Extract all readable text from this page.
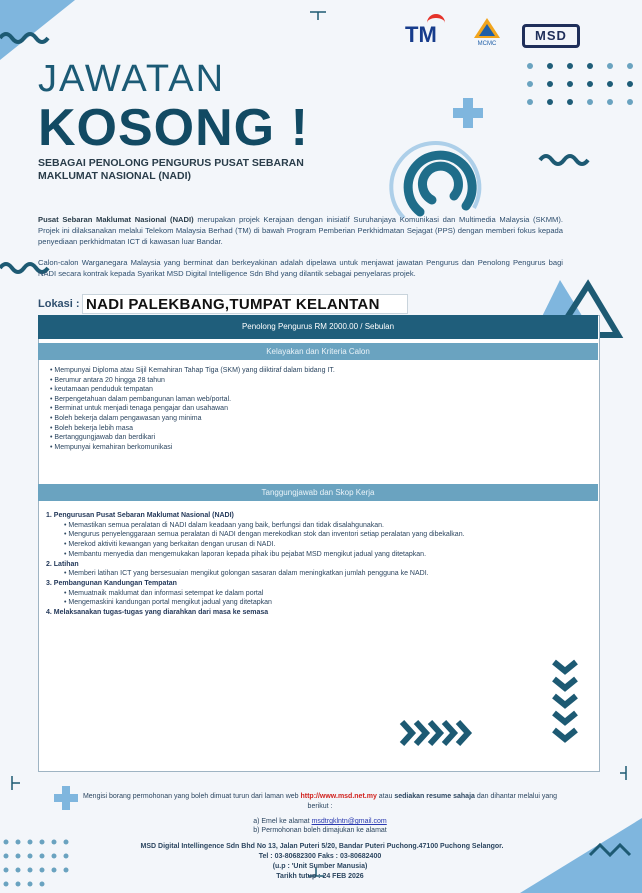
TM	MCMC
MSD
JAWATAN
KOSONG !
SEBAGAI PENOLONG PENGURUS PUSAT SEBARAN MAKLUMAT NASIONAL (NADI)
Pusat Sebaran Maklumat Nasional (NADI) merupakan projek Kerajaan dengan inisiatif Suruhanjaya Komunikasi dan Multimedia Malaysia (SKMM). Projek ini dilaksanakan melalui Telekom Malaysia Berhad (TM) di bawah Program Pemberian Perkhidmatan Sejagat (PPS) dengan memberi fokus kepada penyediaan perkhidmatan ICT di kawasan luar Bandar.
Calon-calon Warganegara Malaysia yang berminat dan berkeyakinan adalah dipelawa untuk menjawat jawatan Pengurus dan Penolong Pengurus bagi NADI secara kontrak kepada Syarikat MSD Digital Intelligence Sdn Bhd yang dilantik sebagai penyelaras projek.
Lokasi : NADI PALEKBANG,TUMPAT KELANTAN
Penolong Pengurus RM 2000.00 / Sebulan
Kelayakan dan Kriteria Calon
• Mempunyai Diploma atau Sijil Kemahiran Tahap Tiga (SKM) yang diiktiraf dalam bidang IT.
• Berumur antara 20 hingga 28 tahun
• keutamaan penduduk tempatan
• Berpengetahuan dalam pembangunan laman web/portal.
• Berminat untuk menjadi tenaga pengajar dan usahawan
• Boleh bekerja dalam pengawasan yang minima
• Boleh bekerja lebih masa
• Bertanggungjawab dan berdikari
• Mempunyai kemahiran berkomunikasi
Tanggungjawab dan Skop Kerja
1. Pengurusan Pusat Sebaran Maklumat Nasional (NADI)
• Memastikan semua peralatan di NADI dalam keadaan yang baik, berfungsi dan tidak disalahgunakan.
• Mengurus penyelenggaraan semua peralatan di NADI dengan merekodkan stok dan inventori setiap peralatan yang dibekalkan.
• Merekod aktiviti kewangan yang berkaitan dengan urusan di NADI.
• Membantu menyedia dan mengemukakan laporan kepada pihak ibu pejabat MSD mengikut jadual yang ditetapkan.
2. Latihan
• Memberi latihan ICT yang bersesuaian mengikut golongan sasaran dalam meningkatkan jumlah pengguna ke NADI.
3. Pembangunan Kandungan Tempatan
• Memuatnaik maklumat dan informasi setempat ke dalam portal
• Mengemaskini kandungan portal mengikut jadual yang ditetapkan
4. Melaksanakan tugas-tugas yang diarahkan dari masa ke semasa
Mengisi borang permohonan yang boleh dimuat turun dari laman web http://www.msd.net.my atau sediakan resume sahaja dan dihantar melalui yang berikut :
a) Emel ke alamat msdtrgklntn@gmail.com
b) Permohonan boleh dimajukan ke alamat
MSD Digital Intellingence Sdn Bhd No 13, Jalan Puteri 5/20, Bandar Puteri Puchong.47100 Puchong Selangor.
Tel : 03-80682300 Faks : 03-80682400
(u.p : 'Unit Sumber Manusia)
Tarikh tutup : 24 FEB 2026
